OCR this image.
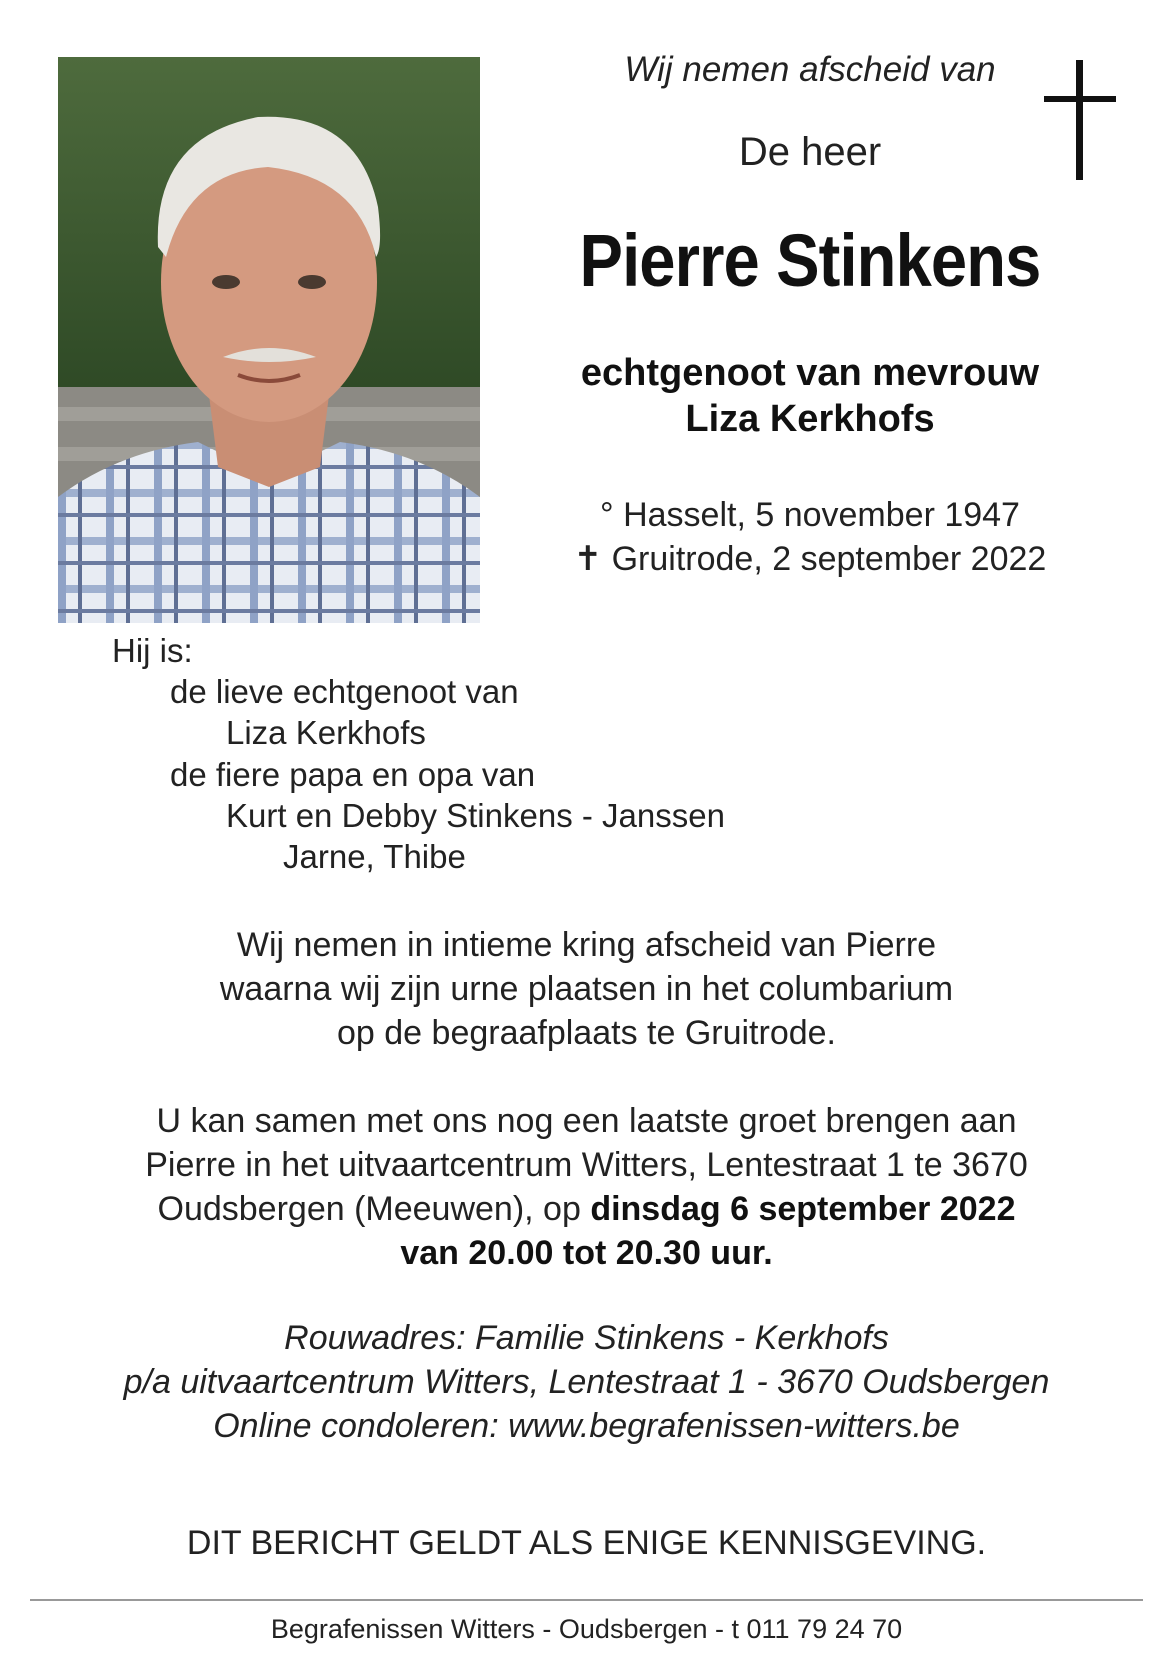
Wij nemen afscheid van
De heer
Pierre Stinkens
echtgenoot van mevrouw
Liza Kerkhofs
° Hasselt, 5 november 1947
✝ Gruitrode, 2 september 2022
Hij is:
de lieve echtgenoot van
Liza Kerkhofs
de fiere papa en opa van
Kurt en Debby Stinkens - Janssen
Jarne, Thibe
Wij nemen in intieme kring afscheid van Pierre
waarna wij zijn urne plaatsen in het columbarium
op de begraafplaats te Gruitrode.
U kan samen met ons nog een laatste groet brengen aan
Pierre in het uitvaartcentrum Witters, Lentestraat 1 te 3670
Oudsbergen (Meeuwen), op dinsdag 6 september 2022
van 20.00 tot 20.30 uur.
Rouwadres: Familie Stinkens - Kerkhofs
p/a uitvaartcentrum Witters, Lentestraat 1 - 3670 Oudsbergen
Online condoleren: www.begrafenissen-witters.be
DIT BERICHT GELDT ALS ENIGE KENNISGEVING.
Begrafenissen Witters - Oudsbergen - t 011 79 24 70
